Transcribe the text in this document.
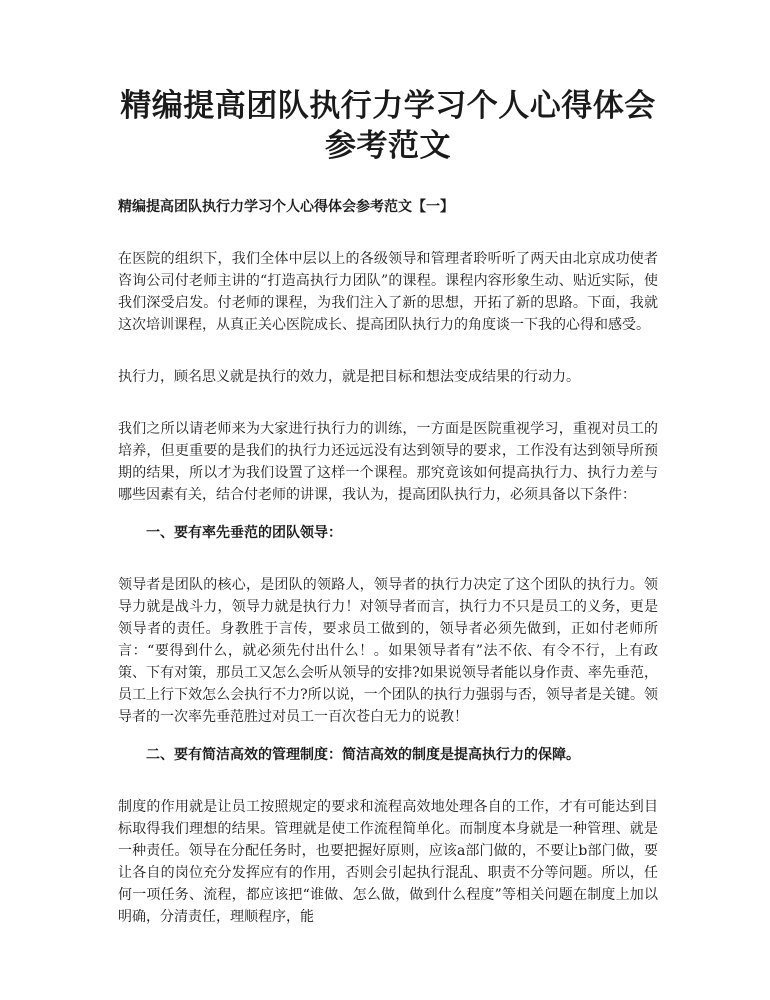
精编提高团队执行力学习个人心得体会参考范文

精编提高团队执行力学习个人心得体会参考范文【一】

在医院的组织下，我们全体中层以上的各级领导和管理者聆听听了两天由北京成功使者咨询公司付老师主讲的“打造高执行力团队”的课程。课程内容形象生动、贴近实际，使我们深受启发。付老师的课程，为我们注入了新的思想，开拓了新的思路。下面，我就这次培训课程，从真正关心医院成长、提高团队执行力的角度谈一下我的心得和感受。

执行力，顾名思义就是执行的效力，就是把目标和想法变成结果的行动力。

我们之所以请老师来为大家进行执行力的训练，一方面是医院重视学习，重视对员工的培养，但更重要的是我们的执行力还远远没有达到领导的要求，工作没有达到领导所预期的结果，所以才为我们设置了这样一个课程。那究竟该如何提高执行力、执行力差与哪些因素有关，结合付老师的讲课，我认为，提高团队执行力，必须具备以下条件：

一、要有率先垂范的团队领导：

领导者是团队的核心，是团队的领路人，领导者的执行力决定了这个团队的执行力。领导力就是战斗力，领导力就是执行力！对领导者而言，执行力不只是员工的义务，更是领导者的责任。身教胜于言传，要求员工做到的，领导者必须先做到，正如付老师所言：“要得到什么，就必须先付出什么！。如果领导者有”法不依、有令不行，上有政策、下有对策，那员工又怎么会听从领导的安排?如果说领导者能以身作责、率先垂范，员工上行下效怎么会执行不力?所以说，一个团队的执行力强弱与否，领导者是关键。领导者的一次率先垂范胜过对员工一百次苍白无力的说教！

二、要有简洁高效的管理制度：简洁高效的制度是提高执行力的保障。

制度的作用就是让员工按照规定的要求和流程高效地处理各自的工作，才有可能达到目标取得我们理想的结果。管理就是使工作流程简单化。而制度本身就是一种管理、就是一种责任。领导在分配任务时，也要把握好原则，应该a部门做的，不要让b部门做，要让各自的岗位充分发挥应有的作用，否则会引起执行混乱、职责不分等问题。所以，任何一项任务、流程，都应该把“谁做、怎么做，做到什么程度”等相关问题在制度上加以明确，分清责任，理顺程序，能
